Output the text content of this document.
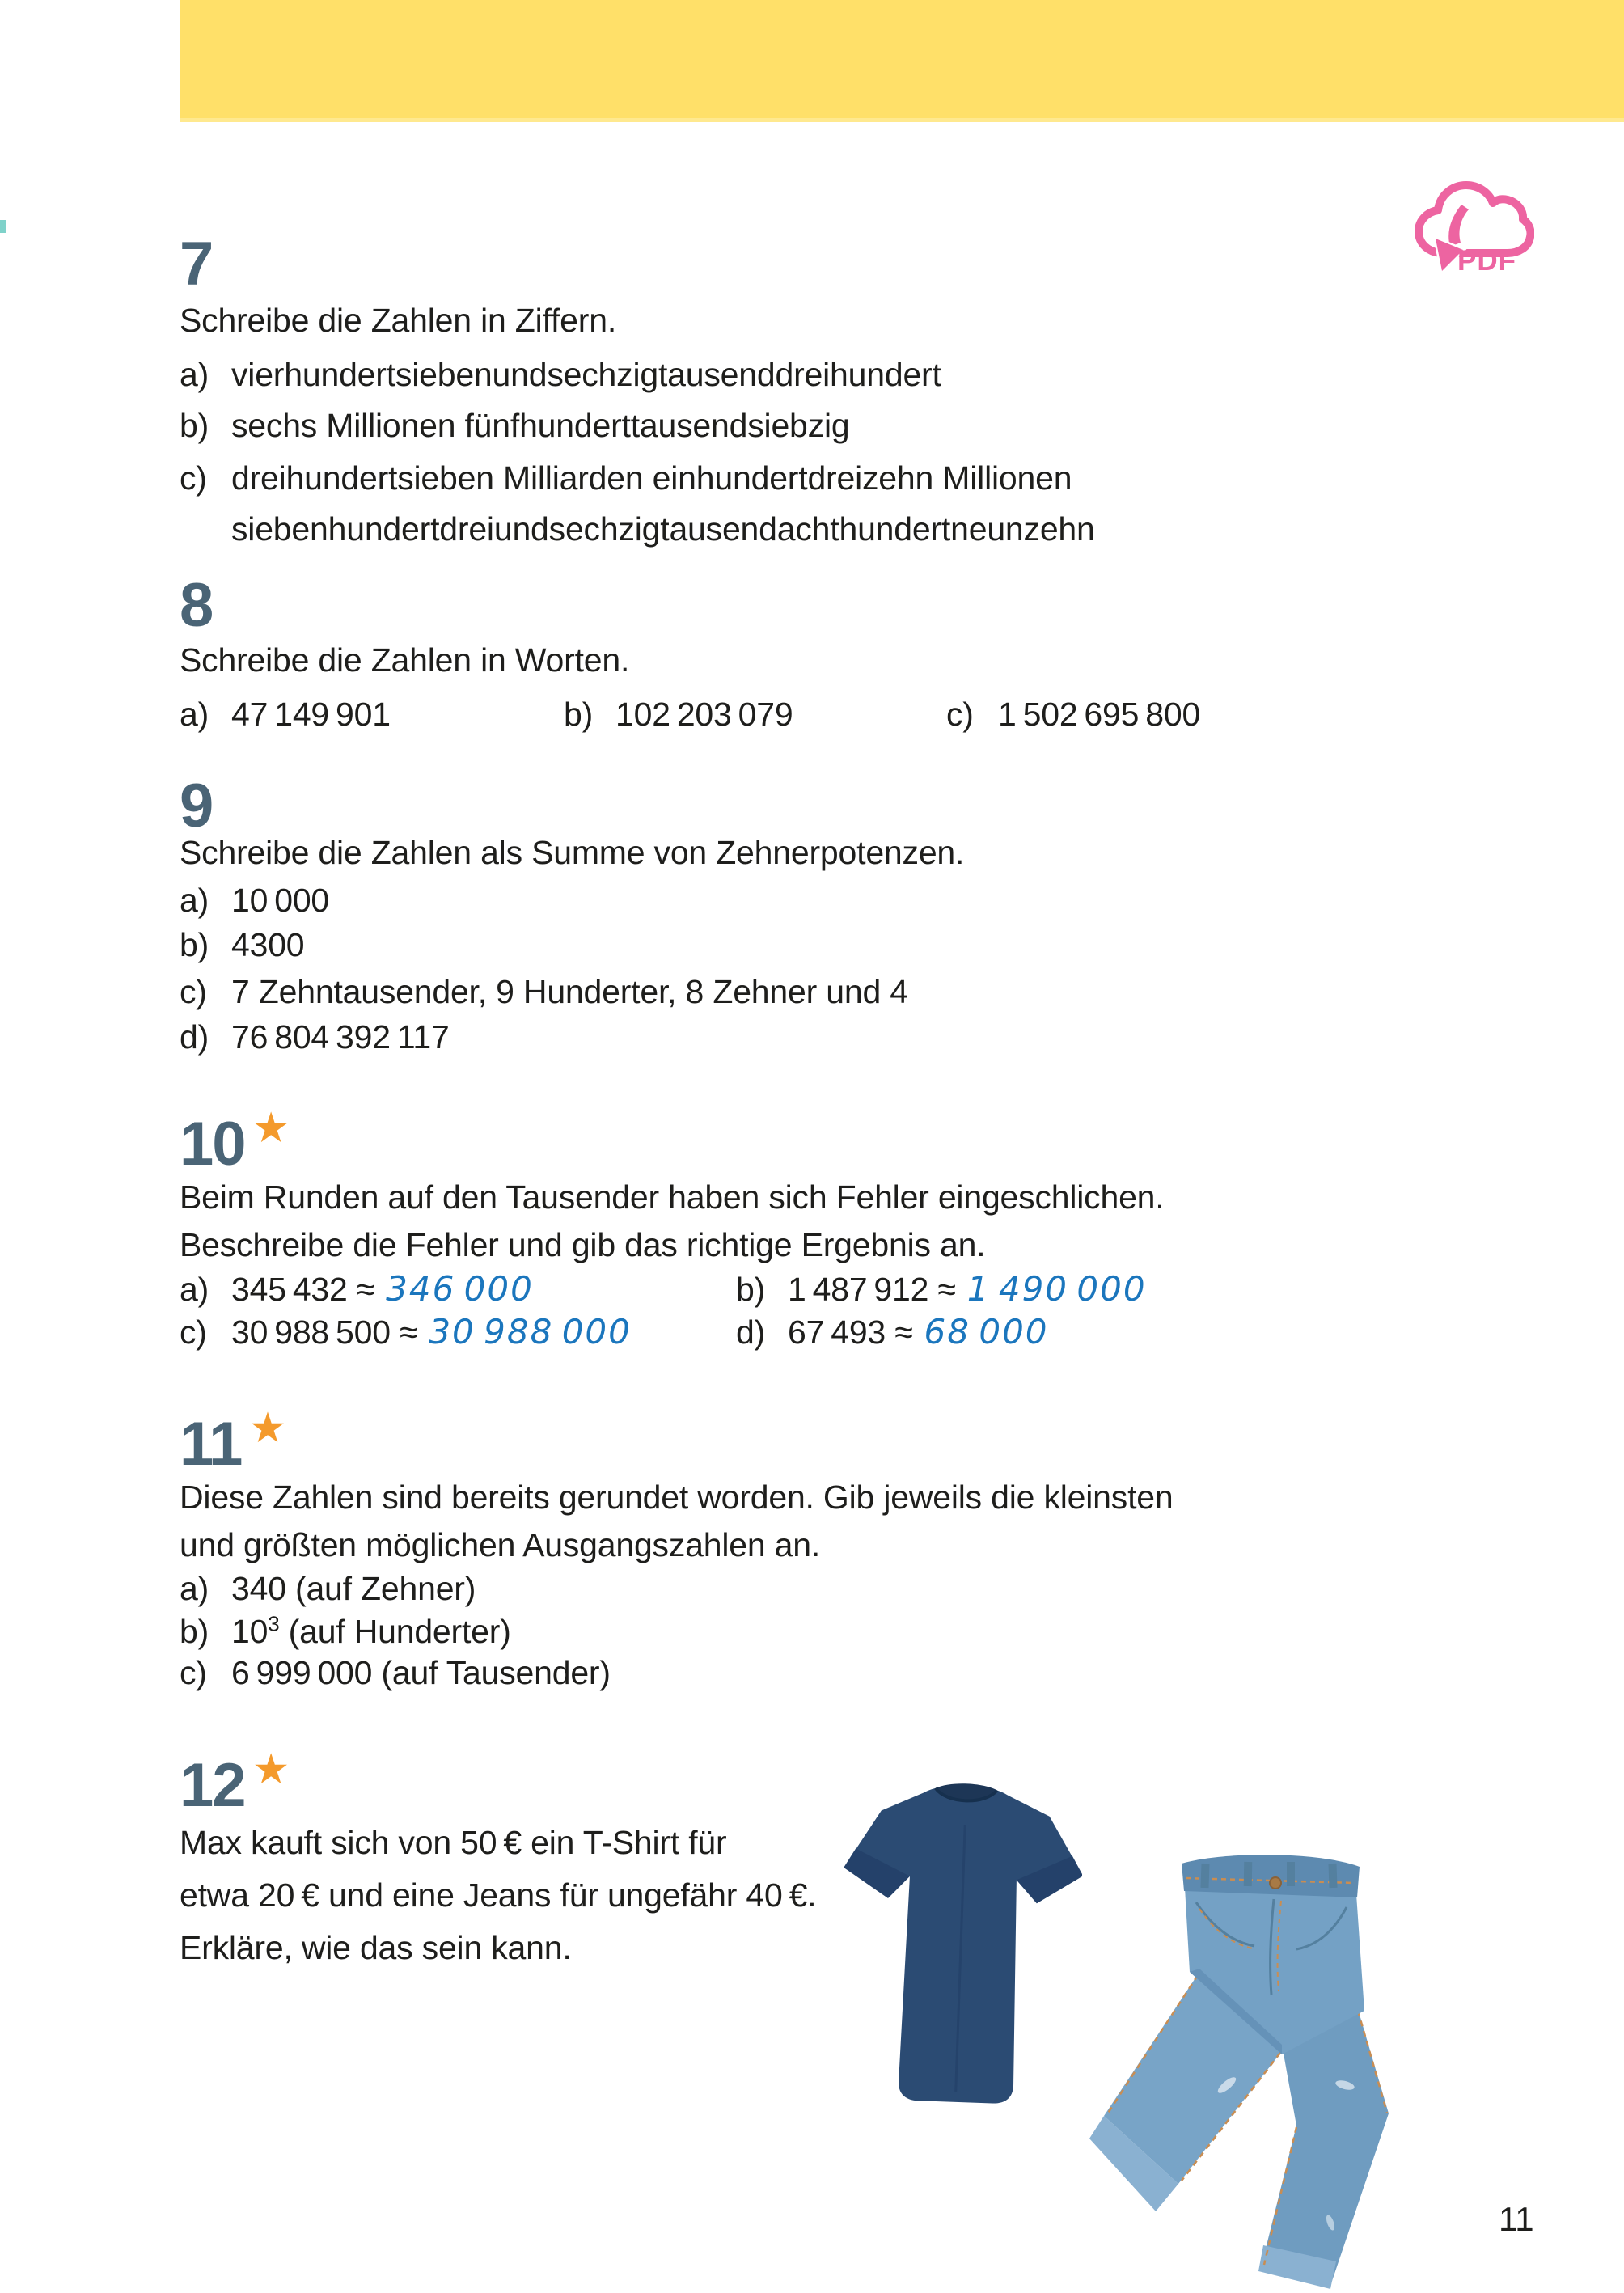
PDF
7
Schreibe die Zahlen in Ziffern.
a) vierhundertsiebenundsechzigtausenddreihundert
b) sechs Millionen fünfhunderttausendsiebzig
c) dreihundertsieben Milliarden einhundertdreizehn Millionen
siebenhundertdreiundsechzigtausendachthundertneunzehn
8
Schreibe die Zahlen in Worten.
a) 47 149 901	b) 102 203 079	c) 1 502 695 800
9
Schreibe die Zahlen als Summe von Zehnerpotenzen.
a) 10 000
b) 4300
c) 7 Zehntausender, 9 Hunderter, 8 Zehner und 4
d) 76 804 392 117
10 ★
Beim Runden auf den Tausender haben sich Fehler eingeschlichen.
Beschreibe die Fehler und gib das richtige Ergebnis an.
a) 345 432 ≈ 346 000	b) 1 487 912 ≈ 1 490 000
c) 30 988 500 ≈ 30 988 000	d) 67 493 ≈ 68 000
11 ★
Diese Zahlen sind bereits gerundet worden. Gib jeweils die kleinsten
und größten möglichen Ausgangszahlen an.
a) 340 (auf Zehner)
b) $10^3$ (auf Hunderter)
c) 6 999 000 (auf Tausender)
12 ★
Max kauft sich von 50 € ein T-Shirt für
etwa 20 € und eine Jeans für ungefähr 40 €.
Erkläre, wie das sein kann.
11
